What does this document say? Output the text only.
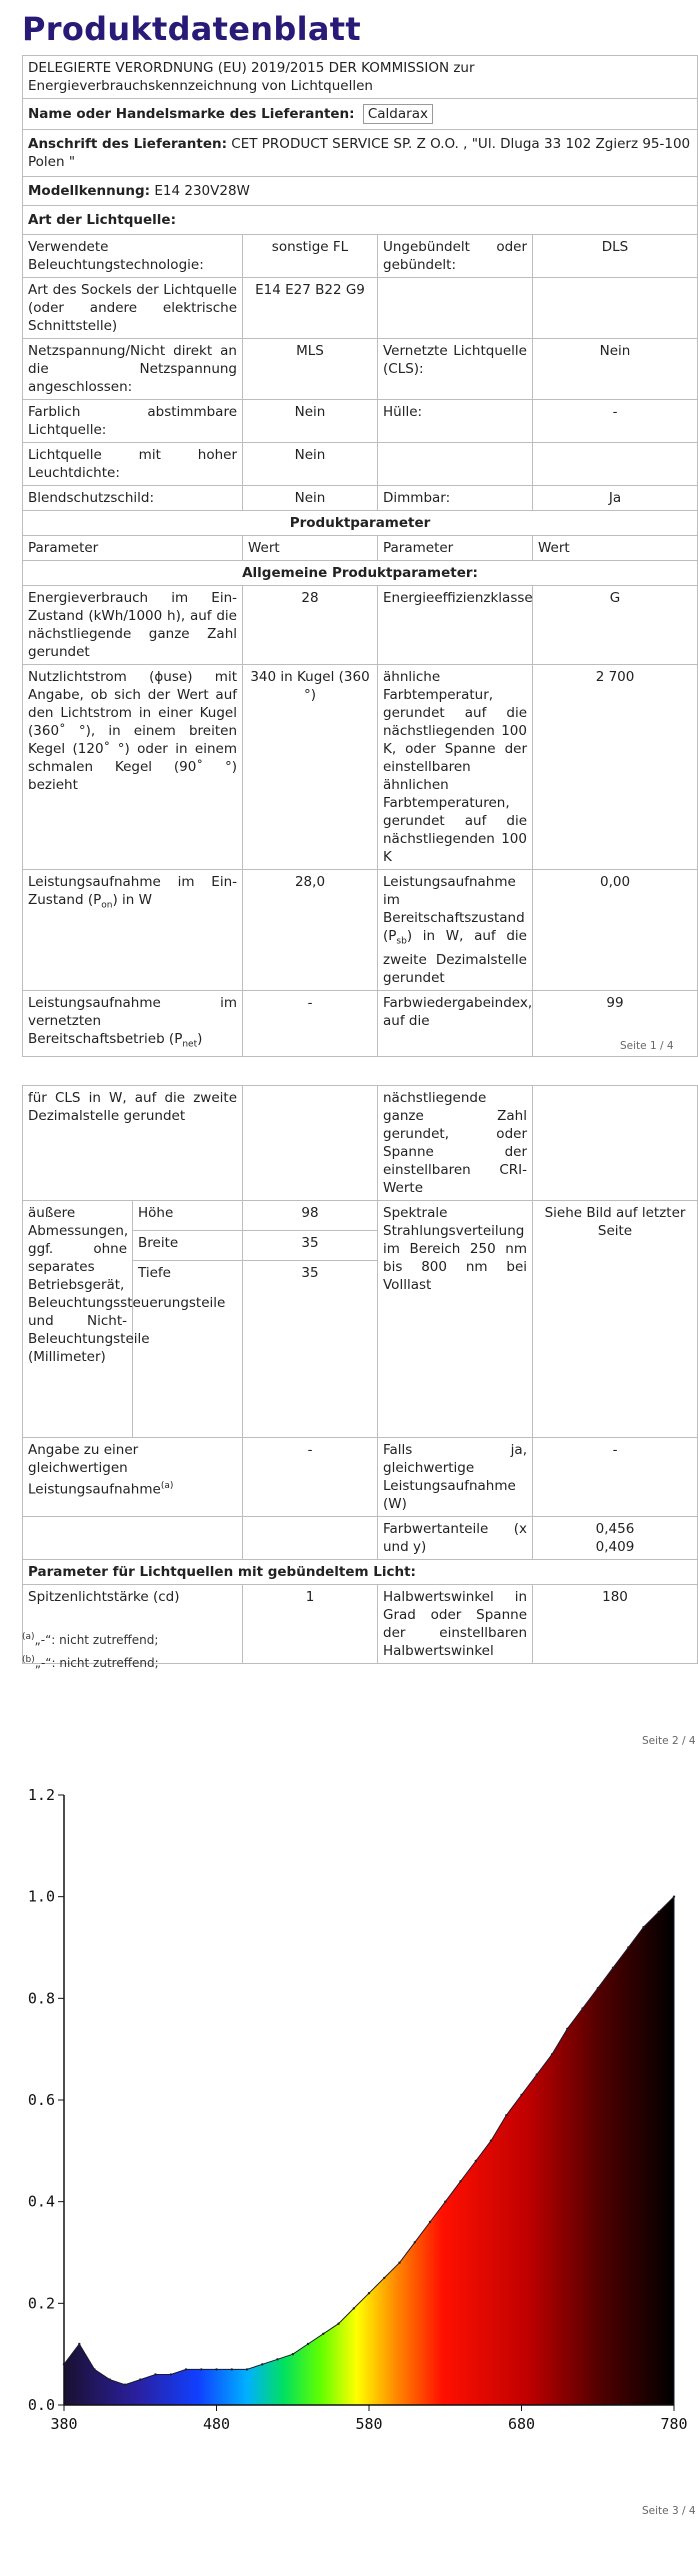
Produktdatenblatt
DELEGIERTE VERORDNUNG (EU) 2019/2015 DER KOMMISSION zur Energieverbrauchskennzeichnung von Lichtquellen			
Name oder Handelsmarke des Lieferanten: Caldarax			
Anschrift des Lieferanten: CET PRODUCT SERVICE SP. Z O.O. , "Ul. Dluga 33 102 Zgierz 95-100 Polen "			
Modellkennung: E14 230V28W			
Art der Lichtquelle:			
Verwendete Beleuchtungstechnologie:	sonstige FL	Ungebündelt oder gebündelt:	DLS
Art des Sockels der Lichtquelle (oder andere elektrische Schnittstelle)	E14 E27 B22 G9		
Netzspannung/Nicht direkt an die Netzspannung angeschlossen:	MLS	Vernetzte Lichtquelle (CLS):	Nein
Farblich abstimmbare Lichtquelle:	Nein	Hülle:	-
Lichtquelle mit hoher Leuchtdichte:	Nein		
Blendschutzschild:	Nein	Dimmbar:	Ja
Produktparameter			
Parameter	Wert	Parameter	Wert
Allgemeine Produktparameter:			
Energieverbrauch im Ein-Zustand (kWh/1000 h), auf die nächstliegende ganze Zahl gerundet	28	Energieeffizienzklasse	G
Nutzlichtstrom (ϕuse) mit Angabe, ob sich der Wert auf den Lichtstrom in einer Kugel (360˚ °), in einem breiten Kegel (120˚ °) oder in einem schmalen Kegel (90˚ °) bezieht	340 in Kugel (360 °)	ähnliche Farbtemperatur, gerundet auf die nächstliegenden 100 K, oder Spanne der einstellbaren ähnlichen Farbtemperaturen, gerundet auf die nächstliegenden 100 K	2 700
Leistungsaufnahme im Ein-Zustand $(P_{on})$ in W	28,0	Leistungsaufnahme im Bereitschaftszustand $(P_{sb})$ in W, auf die zweite Dezimalstelle gerundet	0,00
Leistungsaufnahme im vernetzten Bereitschaftsbetrieb $(P_{net})$	-	Farbwiedergabeindex, auf die	99
Seite 1 / 4
für CLS in W, auf die zweite Dezimalstelle gerundet			nächstliegende ganze Zahl gerundet, oder Spanne der einstellbaren CRI-Werte	
äußere Abmessungen, ggf. ohne separates Betriebsgerät, Beleuchtungssteuerungsteile und Nicht-Beleuchtungsteile (Millimeter)	Höhe	98	Spektrale Strahlungsverteilung im Bereich 250 nm bis 800 nm bei Volllast	Siehe Bild auf letzter Seite
	Breite	35		
	Tiefe	35		
Angabe zu einer gleichwertigen Leistungsaufnahme$^{(a)}$		-	Falls ja, gleichwertige Leistungsaufnahme (W)	-
			Farbwertanteile (x und y)	0,456
0,409

Parameter für Lichtquellen mit gebündeltem Licht:				
Spitzenlichtstärke (cd)		1	Halbwertswinkel in Grad oder Spanne der einstellbaren Halbwertswinkel	180
$^{(a)}$„-“: nicht zutreffend;
$^{(b)}$„-“: nicht zutreffend;
Seite 2 / 4
0.0
0.2
0.4
0.6
0.8
1.0
1.2
380	480	580	680	780
Seite 3 / 4
